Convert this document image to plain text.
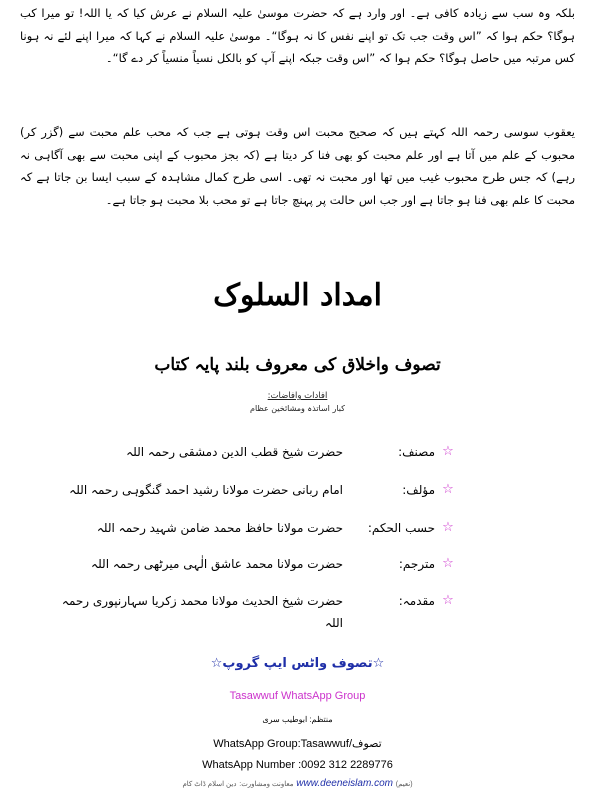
بلکہ وہ سب سے زیادہ کافی ہے۔ اور وارد ہے کہ حضرت موسیٰ علیہ السلام نے عرش کیا کہ یا اللہ! تو میرا کب ہوگا؟ حکم ہوا کہ ”اس وقت جب تک تو اپنے نفس کا نہ ہوگا“۔ موسیٰ علیہ السلام نے کہا کہ میرا اپنے لئے نہ ہونا کس مرتبہ میں حاصل ہوگا؟ حکم ہوا کہ ”اس وقت جبکہ اپنے آپ کو بالکل نسیاً منسیاً کر دے گا“۔
یعقوب سوسی رحمہ اللہ کہتے ہیں کہ صحیح محبت اس وقت ہوتی ہے جب کہ محب علم محبت سے (گزر کر) محبوب کے علم میں آتا ہے اور علم محبت کو بھی فنا کر دیتا ہے (کہ بجز محبوب کے اپنی محبت سے بھی آگاہی نہ رہے) کہ جس طرح محبوب غیب میں تھا اور محبت نہ تھی۔ اسی طرح کمال مشاہدہ کے سبب ایسا بن جاتا ہے کہ محبت کا علم بھی فنا ہو جاتا ہے اور جب اس حالت پر پہنچ جاتا ہے تو محب بلا محبت ہو جاتا ہے۔
امداد السلوک
تصوف واخلاق کی معروف بلند پایہ کتاب
افادات وافاضات:
کبار اساتذہ ومشائخین عظام
☆
مصنف:
حضرت شیخ قطب الدین دمشقی رحمہ اللہ
☆
مؤلف:
امام ربانی حضرت مولانا رشید احمد گنگوہی رحمہ اللہ
☆
حسب الحکم:
حضرت مولانا حافظ محمد ضامن شہید رحمہ اللہ
☆
مترجم:
حضرت مولانا محمد عاشق الٰہی میرٹھی رحمہ اللہ
☆
مقدمہ:
حضرت شیخ الحدیث مولانا محمد زکریا سہارنپوری رحمہ اللہ
☆تصوف واٹس ایپ گروپ☆
Tasawwuf WhatsApp Group
منتظم: ابوطیب سری
WhatsApp Group:Tasawwuf/تصوف
WhatsApp Number :0092 312 2289776
معاونت ومشاورت: دین اسلام ڈاٹ کام	www.deeneislam.com (نعیم)
